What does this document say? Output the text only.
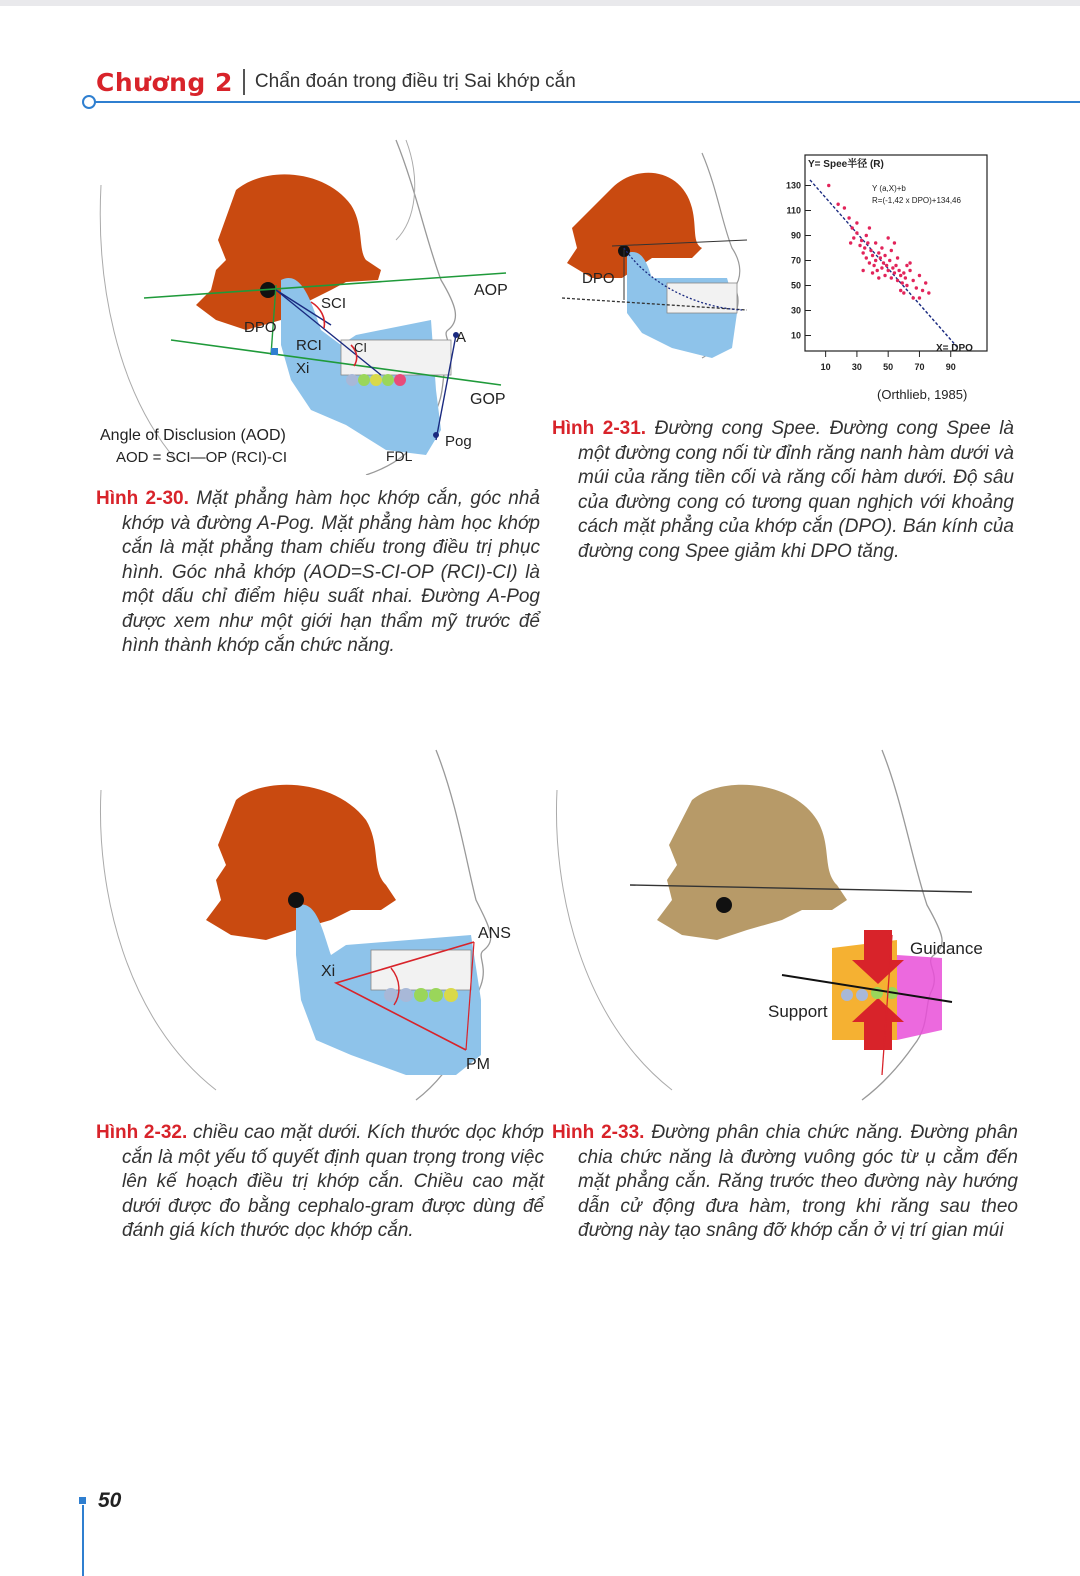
Chương 2 Chẩn đoán trong điều trị Sai khớp cắn
AOP
SCI
DPO
RCI
Xi
CI
A
GOP
Pog
FDL
Angle of Disclusion (AOD)
AOD = SCI—OP (RCI)-CI
Hình 2-30. Mặt phẳng hàm học khớp cắn, góc nhả khớp và đường A-Pog. Mặt phẳng hàm học khớp cắn là mặt phẳng tham chiếu trong điều trị phục hình. Góc nhả khớp (AOD=S-CI-OP (RCI)-CI) là một dấu chỉ điểm hiệu suất nhai. Đường A-Pog được xem như một giới hạn thẩm mỹ trước để hình thành khớp cắn chức năng.
DPO
Y= Spee半径 (R)
Y (a,X)+b
R=(-1,42 x DPO)+134,46
10
30
50
70
90
110
130
10 30 50 70 90
X= DPO
(Orthlieb, 1985)
Hình 2-31. Đường cong Spee. Đường cong Spee là một đường cong nối từ đỉnh răng nanh hàm dưới và múi của răng tiền cối và răng cối hàm dưới. Độ sâu của đường cong có tương quan nghịch với khoảng cách mặt phẳng của khớp cắn (DPO). Bán kính của đường cong Spee giảm khi DPO tăng.
ANS
Xi
PM
Hình 2-32. chiều cao mặt dưới. Kích thước dọc khớp cắn là một yếu tố quyết định quan trọng trong việc lên kế hoạch điều trị khớp cắn. Chiều cao mặt dưới được đo bằng cephalo-gram được dùng để đánh giá kích thước dọc khớp cắn.
Guidance
Support
Hình 2-33. Đường phân chia chức năng. Đường phân chia chức năng là đường vuông góc từ ụ cằm đến mặt phẳng cắn. Răng trước theo đường này hướng dẫn cử động đưa hàm, trong khi răng sau theo đường này tạo snâng đỡ khớp cắn ở vị trí gian múi
50
